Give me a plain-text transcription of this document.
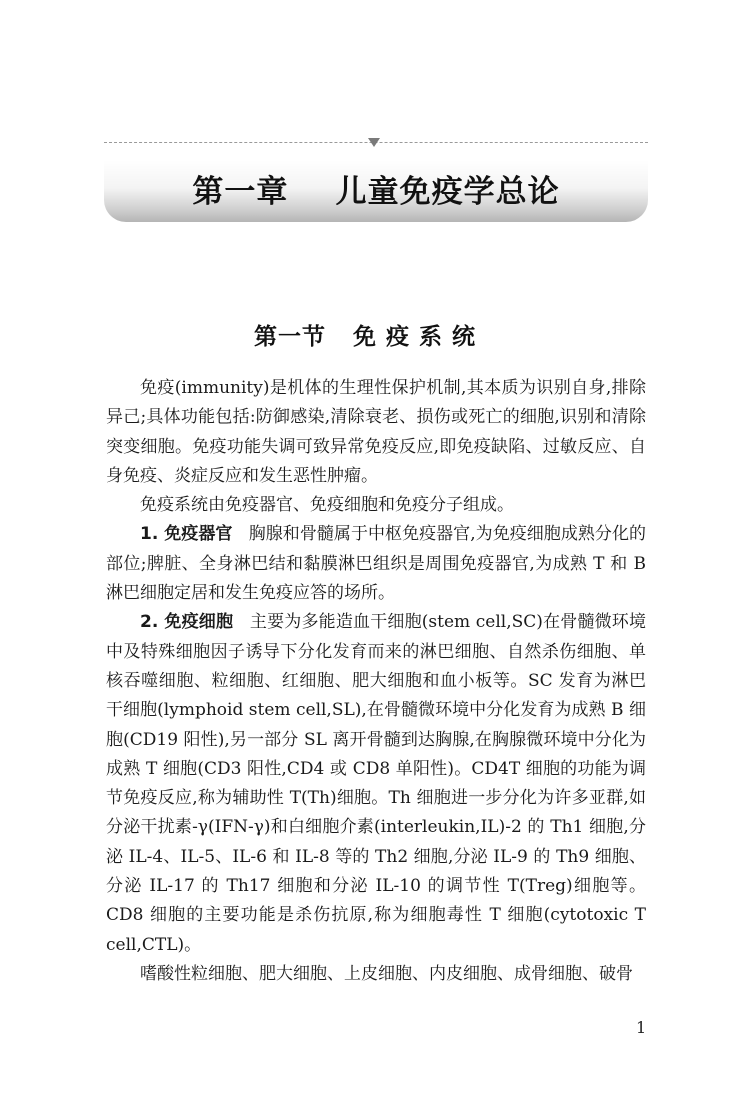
第一章    儿童免疫学总论
第一节   免 疫 系 统

免疫(immunity)是机体的生理性保护机制,其本质为识别自身,排除异己;具体功能包括:防御感染,清除衰老、损伤或死亡的细胞,识别和清除突变细胞。免疫功能失调可致异常免疫反应,即免疫缺陷、过敏反应、自身免疫、炎症反应和发生恶性肿瘤。

免疫系统由免疫器官、免疫细胞和免疫分子组成。

1. 免疫器官 胸腺和骨髓属于中枢免疫器官,为免疫细胞成熟分化的部位;脾脏、全身淋巴结和黏膜淋巴组织是周围免疫器官,为成熟 T 和 B 淋巴细胞定居和发生免疫应答的场所。

2. 免疫细胞 主要为多能造血干细胞(stem cell,SC)在骨髓微环境中及特殊细胞因子诱导下分化发育而来的淋巴细胞、自然杀伤细胞、单核吞噬细胞、粒细胞、红细胞、肥大细胞和血小板等。SC 发育为淋巴干细胞(lymphoid stem cell,SL),在骨髓微环境中分化发育为成熟 B 细胞(CD19 阳性),另一部分 SL 离开骨髓到达胸腺,在胸腺微环境中分化为成熟 T 细胞(CD3 阳性,CD4 或 CD8 单阳性)。CD4T 细胞的功能为调节免疫反应,称为辅助性 T(Th)细胞。Th 细胞进一步分化为许多亚群,如分泌干扰素-γ(IFN-γ)和白细胞介素(interleukin,IL)-2 的 Th1 细胞,分泌 IL-4、IL-5、IL-6 和 IL-8 等的 Th2 细胞,分泌 IL-9 的 Th9 细胞、分泌 IL-17 的 Th17 细胞和分泌 IL-10 的调节性 T(Treg)细胞等。CD8 细胞的主要功能是杀伤抗原,称为细胞毒性 T 细胞(cytotoxic T cell,CTL)。

嗜酸性粒细胞、肥大细胞、上皮细胞、内皮细胞、成骨细胞、破骨

1
